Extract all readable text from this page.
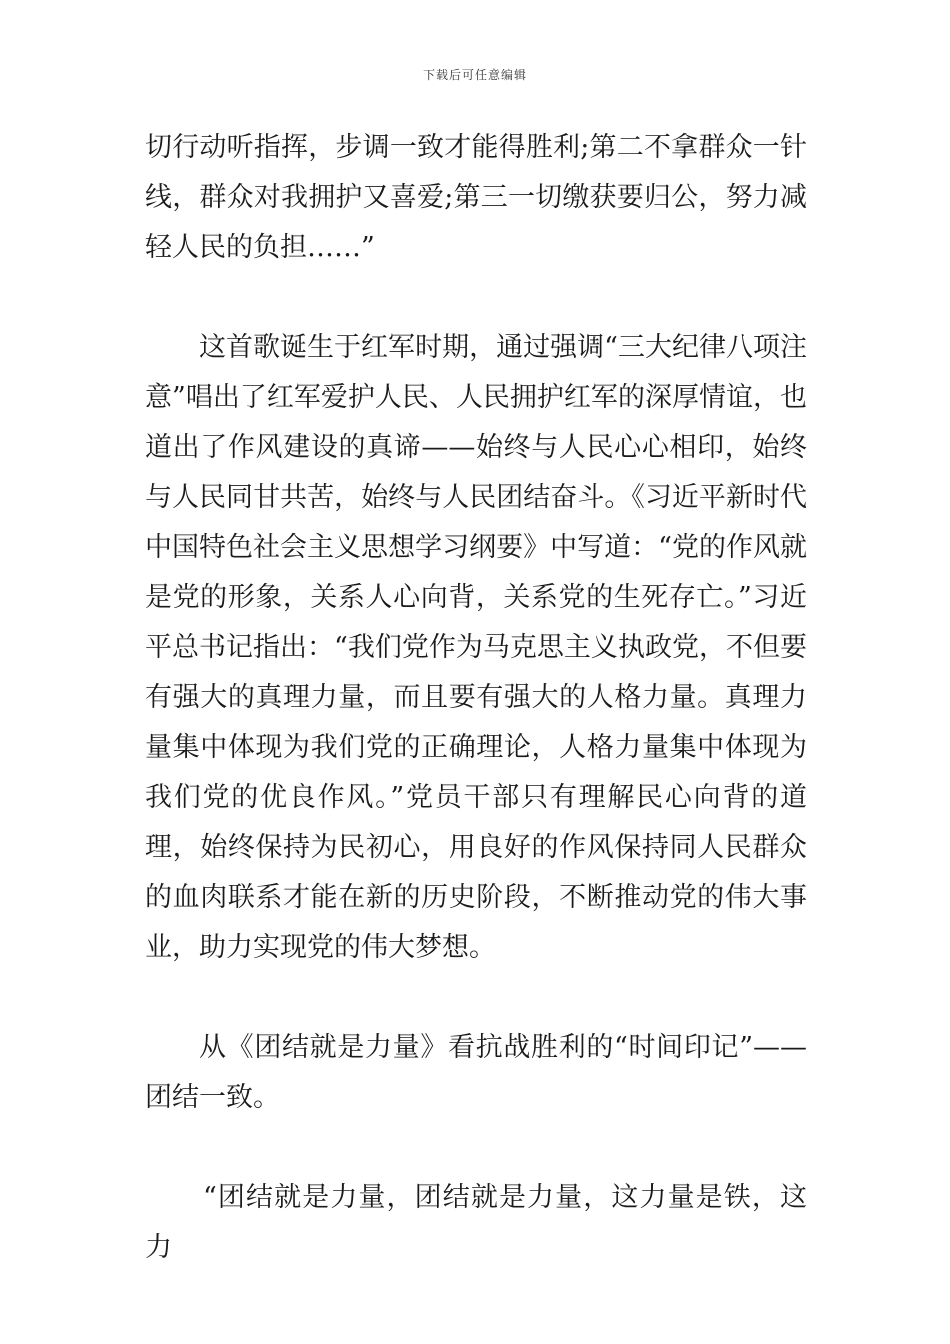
下载后可任意编辑

切行动听指挥，步调一致才能得胜利;第二不拿群众一针线，群众对我拥护又喜爱;第三一切缴获要归公，努力减轻人民的负担……”

这首歌诞生于红军时期，通过强调“三大纪律八项注意”唱出了红军爱护人民、人民拥护红军的深厚情谊，也道出了作风建设的真谛——始终与人民心心相印，始终与人民同甘共苦，始终与人民团结奋斗。《习近平新时代中国特色社会主义思想学习纲要》中写道：“党的作风就是党的形象，关系人心向背，关系党的生死存亡。”习近平总书记指出：“我们党作为马克思主义执政党，不但要有强大的真理力量，而且要有强大的人格力量。真理力量集中体现为我们党的正确理论，人格力量集中体现为我们党的优良作风。”党员干部只有理解民心向背的道理，始终保持为民初心，用良好的作风保持同人民群众的血肉联系才能在新的历史阶段，不断推动党的伟大事业，助力实现党的伟大梦想。

从《团结就是力量》看抗战胜利的“时间印记”——团结一致。

“团结就是力量，团结就是力量，这力量是铁，这力
